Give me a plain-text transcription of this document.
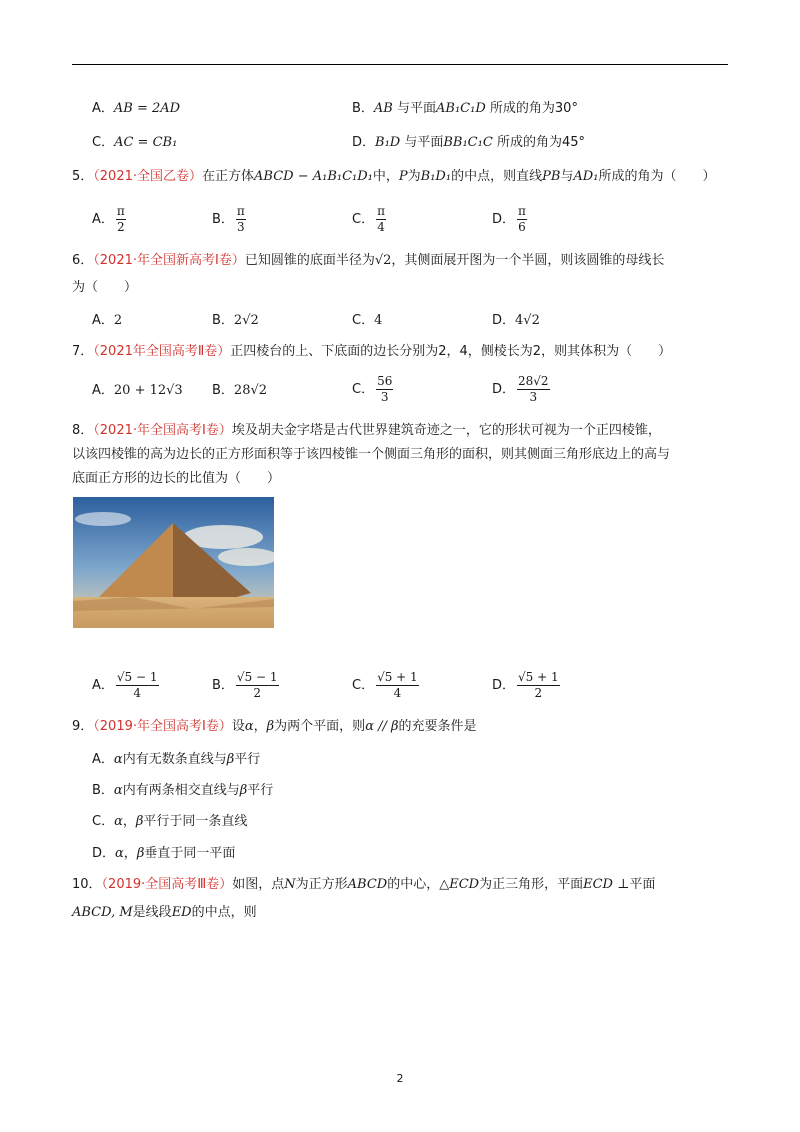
A．AB = 2AD	B．AB 与平面AB₁C₁D 所成的角为30°
C．AC = CB₁	D．B₁D 与平面BB₁C₁C 所成的角为45°
5．（2021·全国乙卷）在正方体ABCD − A₁B₁C₁D₁中，P为B₁D₁的中点，则直线PB与AD₁所成的角为（　　）
A． $\frac{\pi}{2}$	B． $\frac{\pi}{3}$	C． $\frac{\pi}{4}$	D． $\frac{\pi}{6}$
6．（2021·年全国新高考Ⅰ卷）已知圆锥的底面半径为√2，其侧面展开图为一个半圆，则该圆锥的母线长
为（　　）
A．2	B．2√2	C．4	D．4√2
7．（2021年全国高考Ⅱ卷）正四棱台的上、下底面的边长分别为2，4，侧棱长为2，则其体积为（　　）
A．20 + 12√3 B．28√2	C． $\frac{56}{3}$	D． $\frac{28√2}{3}$
8．（2021·年全国高考Ⅰ卷）埃及胡夫金字塔是古代世界建筑奇迹之一，它的形状可视为一个正四棱锥，
以该四棱锥的高为边长的正方形面积等于该四棱锥一个侧面三角形的面积，则其侧面三角形底边上的高与
底面正方形的边长的比值为（　　）
A． $\frac{√5 - 1}{4}$	B． $\frac{√5 - 1}{2}$	C． $\frac{√5 + 1}{4}$	D． $\frac{√5 + 1}{2}$
9．（2019·年全国高考Ⅰ卷）设α，β为两个平面，则α // β的充要条件是
A．α内有无数条直线与β平行
B．α内有两条相交直线与β平行
C．α，β平行于同一条直线
D．α，β垂直于同一平面
10．（2019·全国高考Ⅲ卷）如图，点N为正方形ABCD的中心，△ECD为正三角形，平面ECD ⊥平面
ABCD, M是线段ED的中点，则
2
